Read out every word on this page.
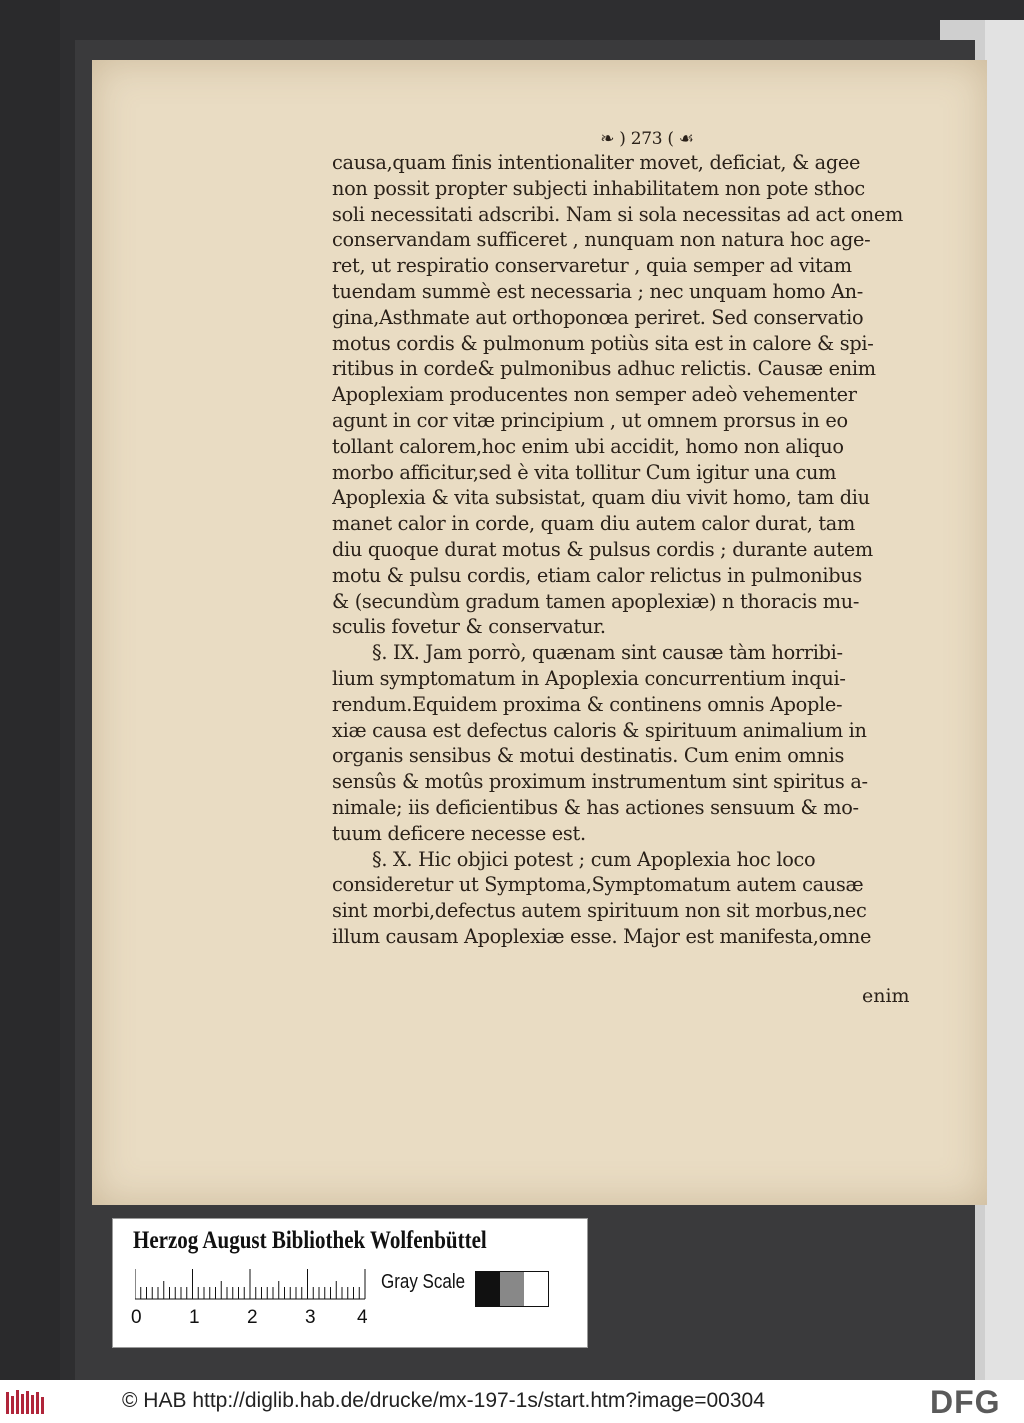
❧ ) 273 ( ☙
causa,quam finis intentionaliter movet, deficiat, & agee
non possit propter subjecti inhabilitatem non pote sthoc
soli necessitati adscribi. Nam si sola necessitas ad act onem
conservandam sufficeret , nunquam non natura hoc age-
ret, ut respiratio conservaretur , quia semper ad vitam
tuendam summè est necessaria ; nec unquam homo An-
gina,Asthmate aut orthoponœa periret. Sed conservatio
motus cordis & pulmonum potiùs sita est in calore & spi-
ritibus in corde& pulmonibus adhuc relictis. Causæ enim
Apoplexiam producentes non semper adeò vehementer
agunt in cor vitæ principium , ut omnem prorsus in eo
tollant calorem,hoc enim ubi accidit, homo non aliquo
morbo afficitur,sed è vita tollitur Cum igitur una cum
Apoplexia & vita subsistat, quam diu vivit homo, tam diu
manet calor in corde, quam diu autem calor durat, tam
diu quoque durat motus & pulsus cordis ; durante autem
motu & pulsu cordis, etiam calor relictus in pulmonibus
& (secundùm gradum tamen apoplexiæ) n thoracis mu-
sculis fovetur & conservatur.
§. IX. Jam porrò, quænam sint causæ tàm horribi-
lium symptomatum in Apoplexia concurrentium inqui-
rendum.Equidem proxima & continens omnis Apople-
xiæ causa est defectus caloris & spirituum animalium in
organis sensibus & motui destinatis. Cum enim omnis
sensûs & motûs proximum instrumentum sint spiritus a-
nimale; iis deficientibus & has actiones sensuum & mo-
tuum deficere necesse est.
§. X. Hic objici potest ; cum Apoplexia hoc loco
consideretur ut Symptoma,Symptomatum autem causæ
sint morbi,defectus autem spirituum non sit morbus,nec
illum causam Apoplexiæ esse. Major est manifesta,omne
enim
Herzog August Bibliothek Wolfenbüttel
0 1 2 3 4
Gray Scale
© HAB http://diglib.hab.de/drucke/mx-197-1s/start.htm?image=00304	DFG
